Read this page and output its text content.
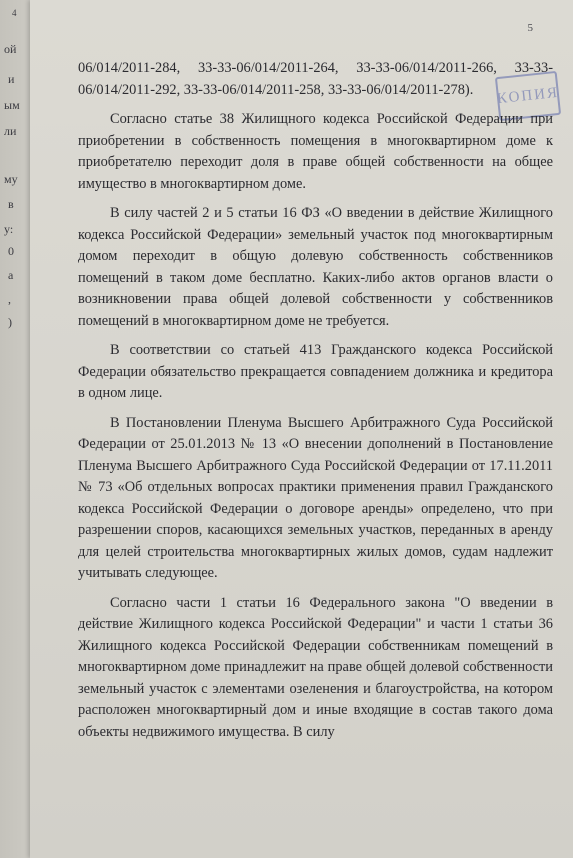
4
ой
и
ым
ли
му
в
у:
0
а
,
)
5
КОПИЯ

06/014/2011-284, 33-33-06/014/2011-264, 33-33-06/014/2011-266, 33-33-06/014/2011-292, 33-33-06/014/2011-258, 33-33-06/014/2011-278).

Согласно статье 38 Жилищного кодекса Российской Федерации при приобретении в собственность помещения в многоквартирном доме к приобретателю переходит доля в праве общей собственности на общее имущество в многоквартирном доме.

В силу частей 2 и 5 статьи 16 ФЗ «О введении в действие Жилищного кодекса Российской Федерации» земельный участок под многоквартирным домом переходит в общую долевую собственность собственников помещений в таком доме бесплатно. Каких-либо актов органов власти о возникновении права общей долевой собственности у собственников помещений в многоквартирном доме не требуется.

В соответствии со статьей 413 Гражданского кодекса Российской Федерации обязательство прекращается совпадением должника и кредитора в одном лице.

В Постановлении Пленума Высшего Арбитражного Суда Российской Федерации от 25.01.2013 № 13 «О внесении дополнений в Постановление Пленума Высшего Арбитражного Суда Российской Федерации от 17.11.2011 № 73 «Об отдельных вопросах практики применения правил Гражданского кодекса Российской Федерации о договоре аренды» определено, что при разрешении споров, касающихся земельных участков, переданных в аренду для целей строительства многоквартирных жилых домов, судам надлежит учитывать следующее.

Согласно части 1 статьи 16 Федерального закона "О введении в действие Жилищного кодекса Российской Федерации" и части 1 статьи 36 Жилищного кодекса Российской Федерации собственникам помещений в многоквартирном доме принадлежит на праве общей долевой собственности земельный участок с элементами озеленения и благоустройства, на котором расположен многоквартирный дом и иные входящие в состав такого дома объекты недвижимого имущества. В силу
